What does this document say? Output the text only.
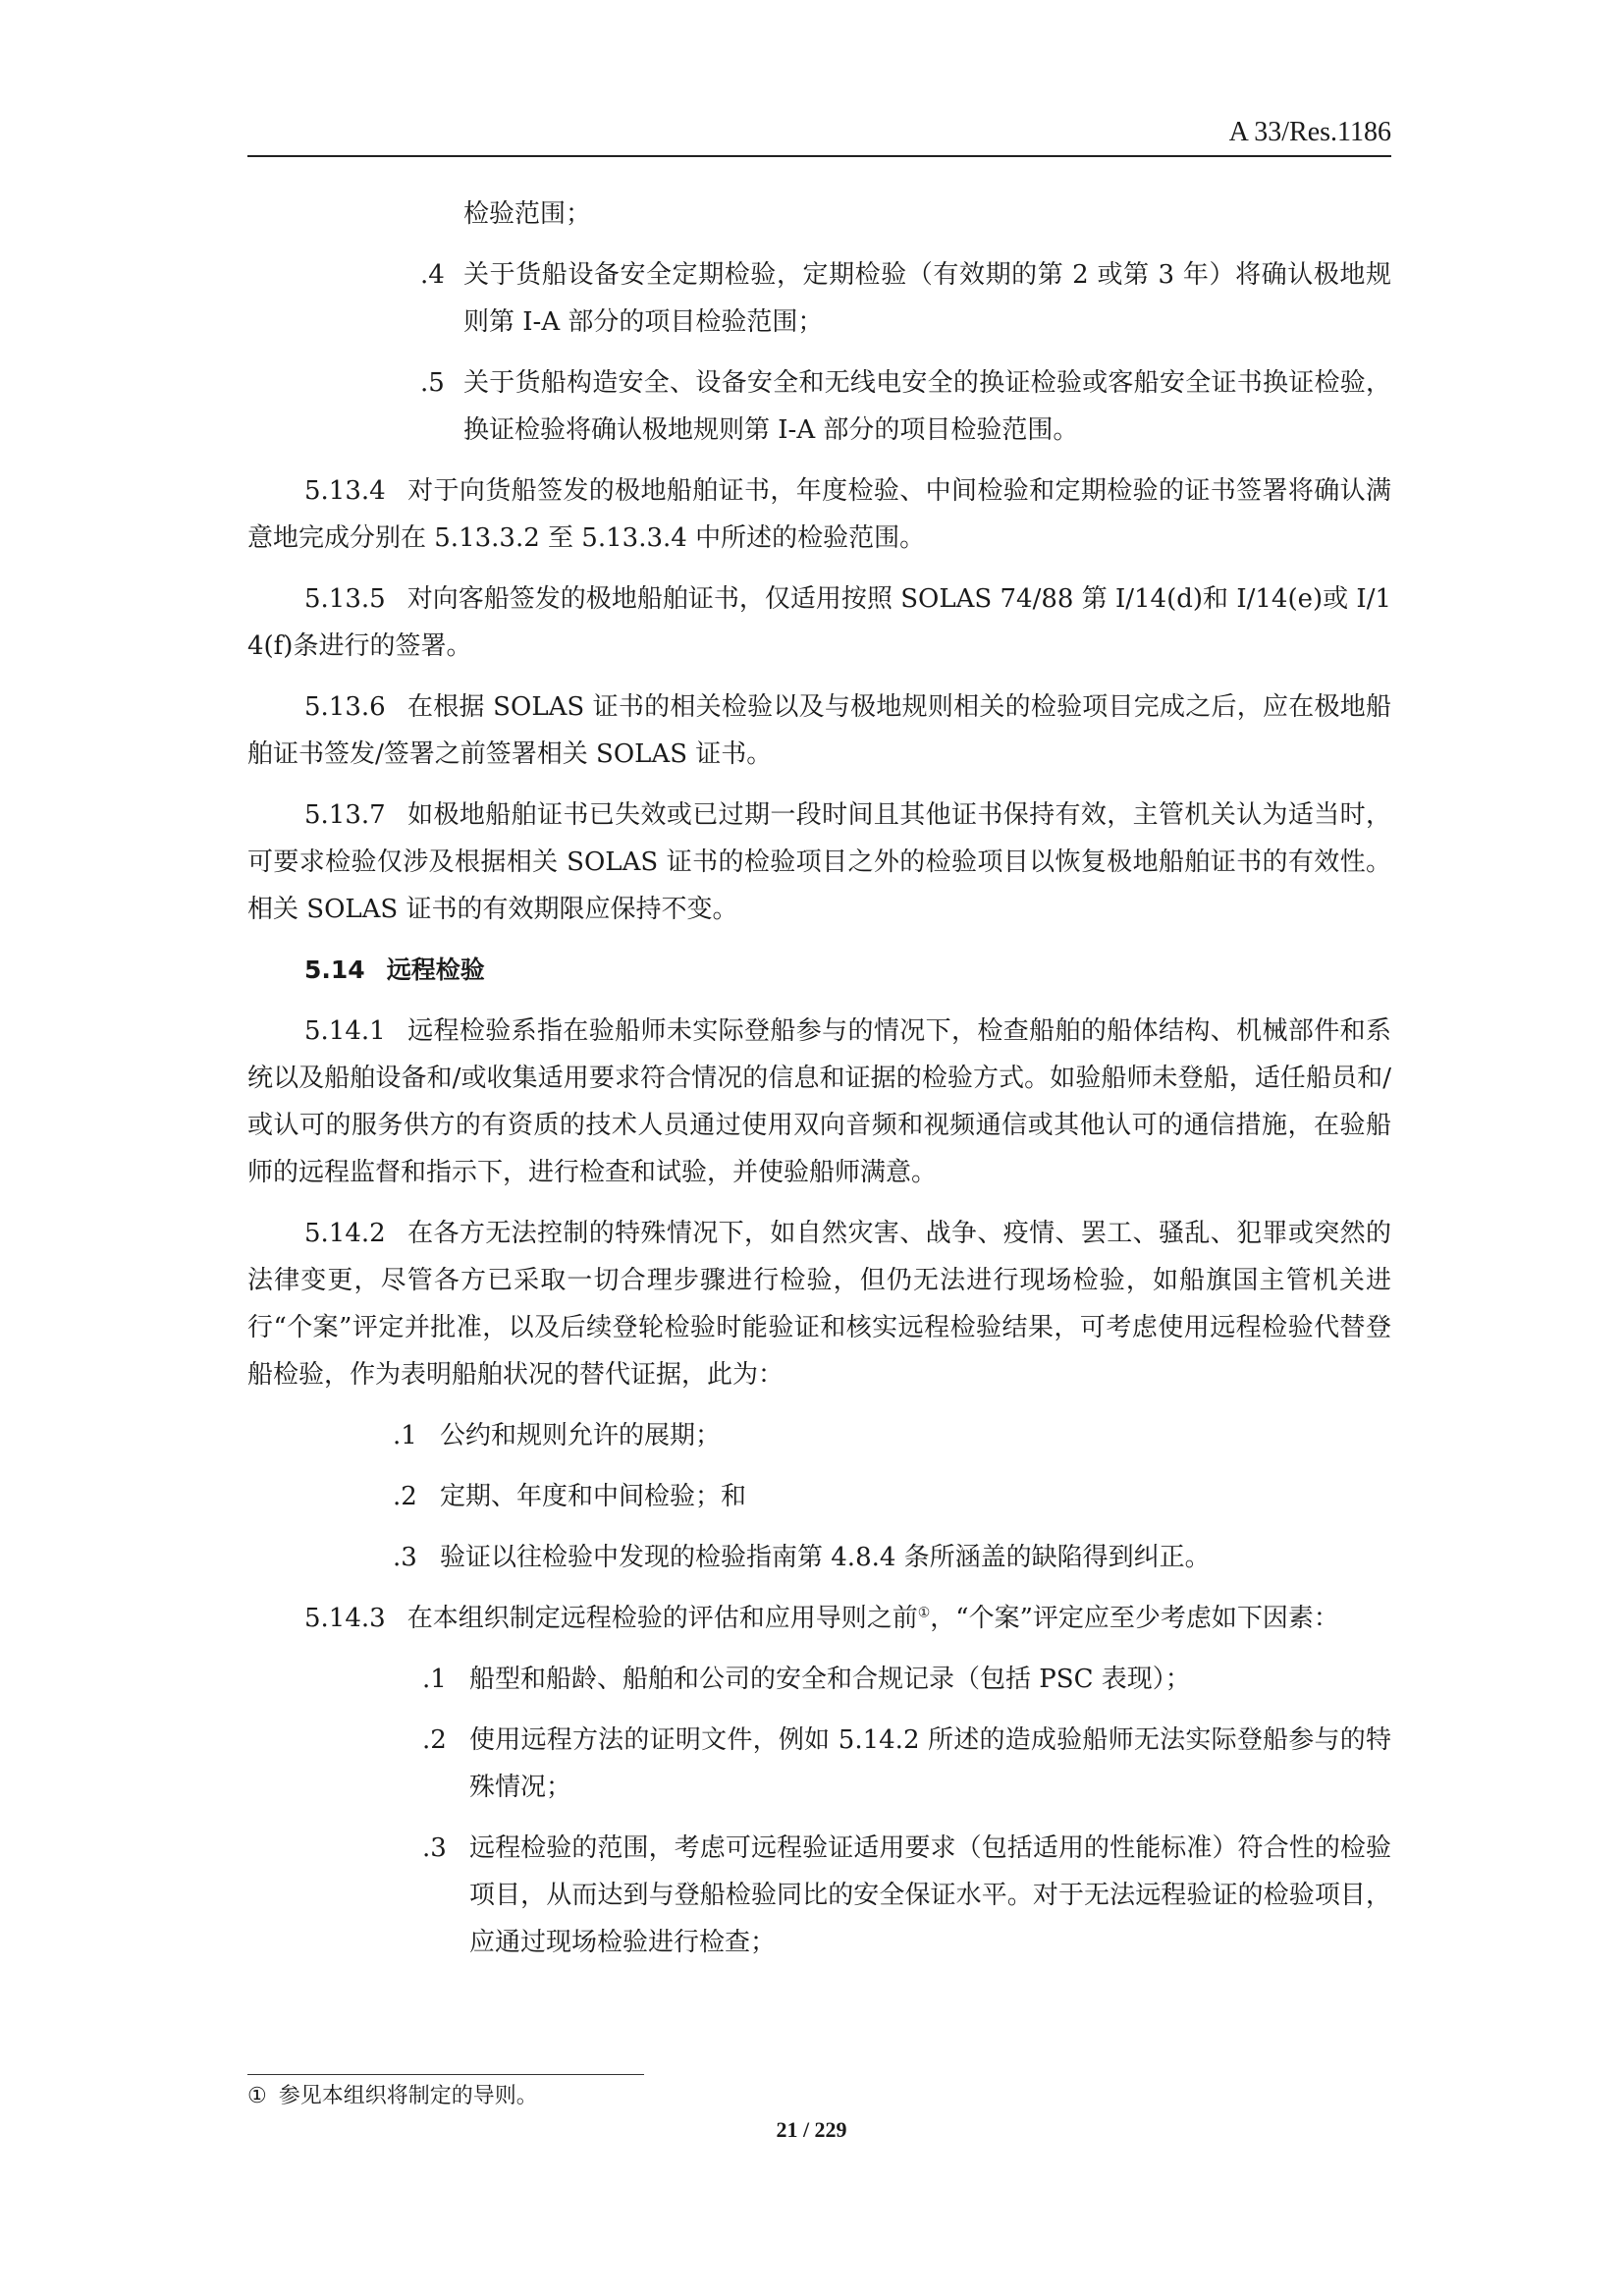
A 33/Res.1186
检验范围；
.4 关于货船设备安全定期检验，定期检验（有效期的第 2 或第 3 年）将确认极地规则第 I-A 部分的项目检验范围；
.5 关于货船构造安全、设备安全和无线电安全的换证检验或客船安全证书换证检验，换证检验将确认极地规则第 I-A 部分的项目检验范围。
5.13.4 对于向货船签发的极地船舶证书，年度检验、中间检验和定期检验的证书签署将确认满意地完成分别在 5.13.3.2 至 5.13.3.4 中所述的检验范围。
5.13.5 对向客船签发的极地船舶证书，仅适用按照 SOLAS 74/88 第 I/14(d)和 I/14(e)或 I/14(f)条进行的签署。
5.13.6 在根据 SOLAS 证书的相关检验以及与极地规则相关的检验项目完成之后，应在极地船舶证书签发/签署之前签署相关 SOLAS 证书。
5.13.7 如极地船舶证书已失效或已过期一段时间且其他证书保持有效，主管机关认为适当时，可要求检验仅涉及根据相关 SOLAS 证书的检验项目之外的检验项目以恢复极地船舶证书的有效性。相关 SOLAS 证书的有效期限应保持不变。
5.14 远程检验
5.14.1 远程检验系指在验船师未实际登船参与的情况下，检查船舶的船体结构、机械部件和系统以及船舶设备和/或收集适用要求符合情况的信息和证据的检验方式。如验船师未登船，适任船员和/或认可的服务供方的有资质的技术人员通过使用双向音频和视频通信或其他认可的通信措施，在验船师的远程监督和指示下，进行检查和试验，并使验船师满意。
5.14.2 在各方无法控制的特殊情况下，如自然灾害、战争、疫情、罢工、骚乱、犯罪或突然的法律变更，尽管各方已采取一切合理步骤进行检验，但仍无法进行现场检验，如船旗国主管机关进行“个案”评定并批准，以及后续登轮检验时能验证和核实远程检验结果，可考虑使用远程检验代替登船检验，作为表明船舶状况的替代证据，此为：
.1 公约和规则允许的展期；
.2 定期、年度和中间检验；和
.3 验证以往检验中发现的检验指南第 4.8.4 条所涵盖的缺陷得到纠正。
5.14.3 在本组织制定远程检验的评估和应用导则之前①，“个案”评定应至少考虑如下因素：
.1 船型和船龄、船舶和公司的安全和合规记录（包括 PSC 表现）；
.2 使用远程方法的证明文件，例如 5.14.2 所述的造成验船师无法实际登船参与的特殊情况；
.3 远程检验的范围，考虑可远程验证适用要求（包括适用的性能标准）符合性的检验项目，从而达到与登船检验同比的安全保证水平。对于无法远程验证的检验项目，应通过现场检验进行检查；
① 参见本组织将制定的导则。
21 / 229
